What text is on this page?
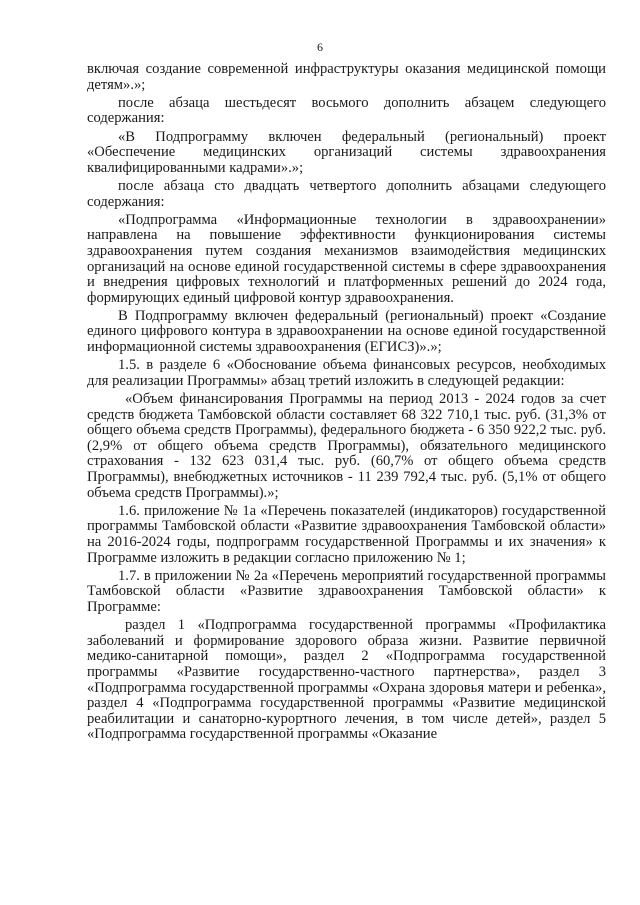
6

включая создание современной инфраструктуры оказания медицинской помощи детям».»;

после абзаца шестьдесят восьмого дополнить абзацем следующего содержания:

«В Подпрограмму включен федеральный (региональный) проект «Обеспечение медицинских организаций системы здравоохранения квалифицированными кадрами».»;

после абзаца сто двадцать четвертого дополнить абзацами следующего содержания:

«Подпрограмма «Информационные технологии в здравоохранении» направлена на повышение эффективности функционирования системы здравоохранения путем создания механизмов взаимодействия медицинских организаций на основе единой государственной системы в сфере здравоохранения и внедрения цифровых технологий и платформенных решений до 2024 года, формирующих единый цифровой контур здравоохранения.

В Подпрограмму включен федеральный (региональный) проект «Создание единого цифрового контура в здравоохранении на основе единой государственной информационной системы здравоохранения (ЕГИСЗ)».»;

1.5. в разделе 6 «Обоснование объема финансовых ресурсов, необходимых для реализации Программы» абзац третий изложить в следующей редакции:

«Объем финансирования Программы на период 2013 - 2024 годов за счет средств бюджета Тамбовской области составляет 68 322 710,1 тыс. руб. (31,3% от общего объема средств Программы), федерального бюджета - 6 350 922,2 тыс. руб. (2,9% от общего объема средств Программы), обязательного медицинского страхования - 132 623 031,4 тыс. руб. (60,7% от общего объема средств Программы), внебюджетных источников - 11 239 792,4 тыс. руб. (5,1% от общего объема средств Программы).»;

1.6. приложение № 1а «Перечень показателей (индикаторов) государственной программы Тамбовской области «Развитие здравоохранения Тамбовской области» на 2016-2024 годы, подпрограмм государственной Программы и их значения» к Программе изложить в редакции согласно приложению № 1;

1.7. в приложении № 2а «Перечень мероприятий государственной программы Тамбовской области «Развитие здравоохранения Тамбовской области» к Программе:

раздел 1 «Подпрограмма государственной программы «Профилактика заболеваний и формирование здорового образа жизни. Развитие первичной медико-санитарной помощи», раздел 2 «Подпрограмма государственной программы «Развитие государственно-частного партнерства», раздел 3 «Подпрограмма государственной программы «Охрана здоровья матери и ребенка», раздел 4 «Подпрограмма государственной программы «Развитие медицинской реабилитации и санаторно-курортного лечения, в том числе детей», раздел 5 «Подпрограмма государственной программы «Оказание
